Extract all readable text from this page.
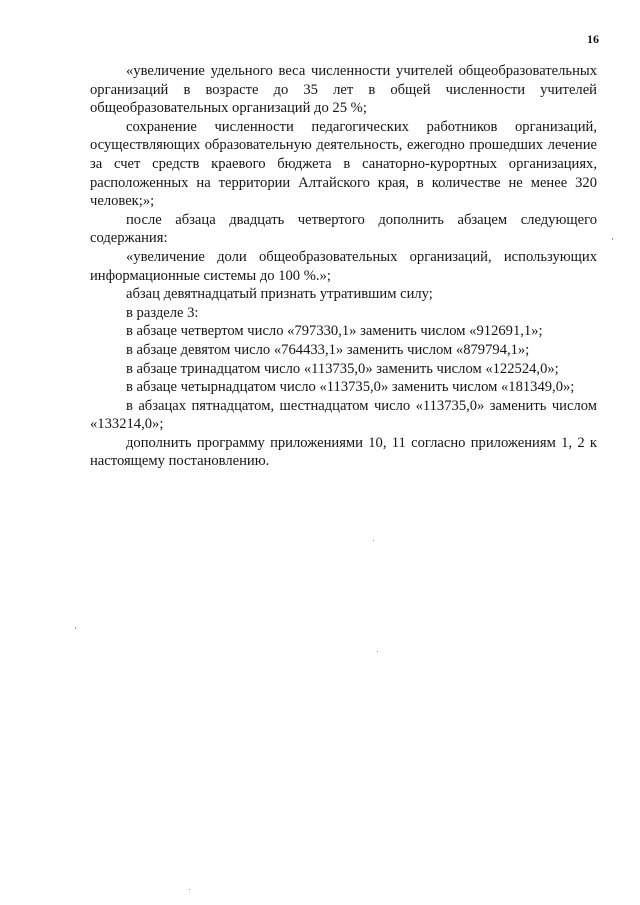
16

«увеличение удельного веса численности учителей общеобразовательных организаций в возрасте до 35 лет в общей численности учителей общеобразовательных организаций до 25 %;

сохранение численности педагогических работников организаций, осуществляющих образовательную деятельность, ежегодно прошедших лечение за счет средств краевого бюджета в санаторно-курортных организациях, расположенных на территории Алтайского края, в количестве не менее 320 человек;»;

после абзаца двадцать четвертого дополнить абзацем следующего содержания:

«увеличение доли общеобразовательных организаций, использующих информационные системы до 100 %.»;

абзац девятнадцатый признать утратившим силу;

в разделе 3:

в абзаце четвертом число «797330,1» заменить числом «912691,1»;

в абзаце девятом число «764433,1» заменить числом «879794,1»;

в абзаце тринадцатом число «113735,0» заменить числом «122524,0»;

в абзаце четырнадцатом число «113735,0» заменить числом «181349,0»;

в абзацах пятнадцатом, шестнадцатом число «113735,0» заменить числом «133214,0»;

дополнить программу приложениями 10, 11 согласно приложениям 1, 2 к настоящему постановлению.
